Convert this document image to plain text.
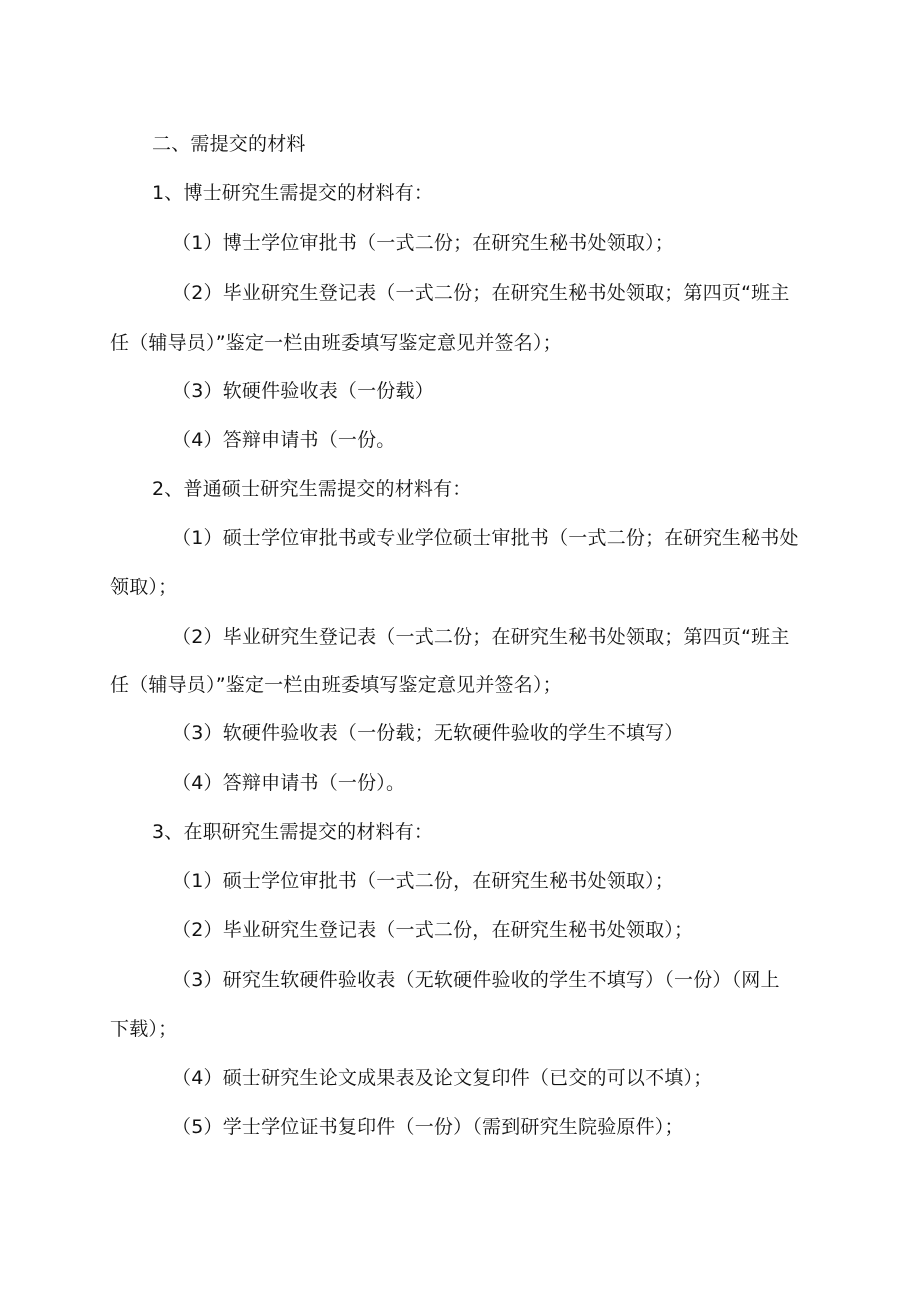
二、需提交的材料
1、博士研究生需提交的材料有：
（1）博士学位审批书（一式二份；在研究生秘书处领取）；
（2）毕业研究生登记表（一式二份；在研究生秘书处领取；第四页“班主
任（辅导员）”鉴定一栏由班委填写鉴定意见并签名）；
（3）软硬件验收表（一份载）
（4）答辩申请书（一份。
2、普通硕士研究生需提交的材料有：
（1）硕士学位审批书或专业学位硕士审批书（一式二份；在研究生秘书处
领取）；
（2）毕业研究生登记表（一式二份；在研究生秘书处领取；第四页“班主
任（辅导员）”鉴定一栏由班委填写鉴定意见并签名）；
（3）软硬件验收表（一份载；无软硬件验收的学生不填写）
（4）答辩申请书（一份）。
3、在职研究生需提交的材料有：
（1）硕士学位审批书（一式二份，在研究生秘书处领取）；
（2）毕业研究生登记表（一式二份，在研究生秘书处领取）；
（3）研究生软硬件验收表（无软硬件验收的学生不填写）（一份）（网上
下载）；
（4）硕士研究生论文成果表及论文复印件（已交的可以不填）；
（5）学士学位证书复印件（一份）（需到研究生院验原件）；
